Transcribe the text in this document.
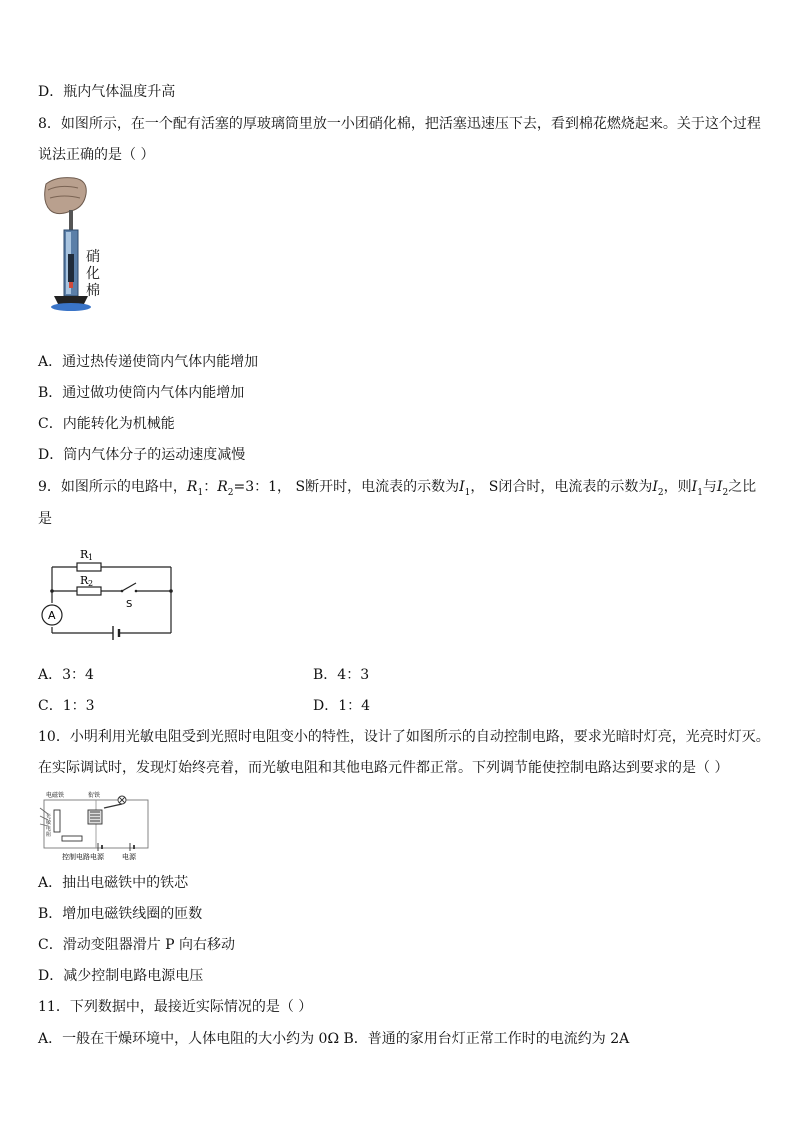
D．瓶内气体温度升高
8．如图所示，在一个配有活塞的厚玻璃筒里放一小团硝化棉，把活塞迅速压下去，看到棉花燃烧起来。关于这个过程
说法正确的是（ ）
硝
化
棉
A．通过热传递使筒内气体内能增加
B．通过做功使筒内气体内能增加
C．内能转化为机械能
D．筒内气体分子的运动速度减慢
9．如图所示的电路中，$R_1$：$R_2=3$：1， S断开时，电流表的示数为$I_1$， S闭合时，电流表的示数为$I_2$，则$I_1$与$I_2$之比
是
A
R 1
R 2
S
A．3：4	B．4：3
C．1：3	D．1：4
10．小明利用光敏电阻受到光照时电阻变小的特性，设计了如图所示的自动控制电路，要求光暗时灯亮，光亮时灯灭。
在实际调试时，发现灯始终亮着，而光敏电阻和其他电路元件都正常。下列调节能使控制电路达到要求的是（ ）
电磁铁	衔铁
光
敏
电
阻
控制电路电源	电源
A．抽出电磁铁中的铁芯
B．增加电磁铁线圈的匝数
C．滑动变阻器滑片 P 向右移动
D．减少控制电路电源电压
11．下列数据中，最接近实际情况的是（ ）
A．一般在干燥环境中，人体电阻的大小约为 0Ω B．普通的家用台灯正常工作时的电流约为 2A
